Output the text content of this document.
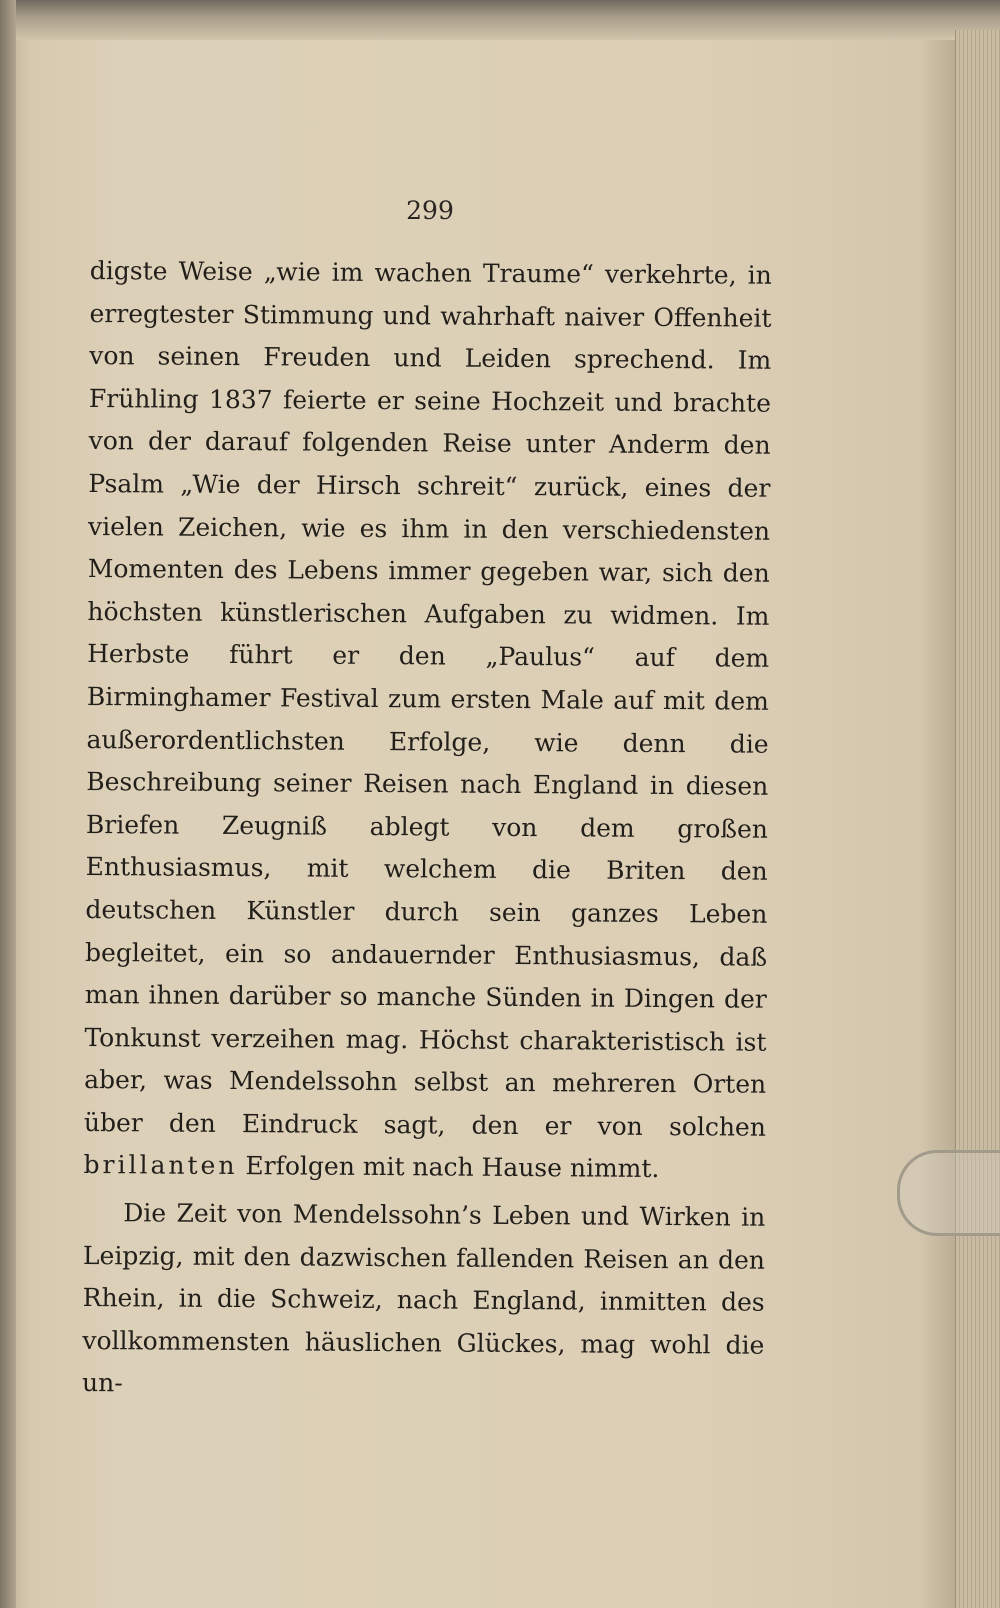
299

digste Weise „wie im wachen Traume“ verkehrte, in erregtester Stimmung und wahrhaft naiver Offenheit von seinen Freuden und Leiden sprechend. Im Frühling 1837 feierte er seine Hochzeit und brachte von der darauf folgenden Reise unter Anderm den Psalm „Wie der Hirsch schreit“ zurück, eines der vielen Zeichen, wie es ihm in den verschiedensten Momenten des Lebens immer gegeben war, sich den höchsten künstlerischen Aufgaben zu widmen. Im Herbste führt er den „Paulus“ auf dem Birminghamer Festival zum ersten Male auf mit dem außerordentlichsten Erfolge, wie denn die Beschreibung seiner Reisen nach England in diesen Briefen Zeugniß ablegt von dem großen Enthusiasmus, mit welchem die Briten den deutschen Künstler durch sein ganzes Leben begleitet, ein so andauernder Enthusiasmus, daß man ihnen darüber so manche Sünden in Dingen der Tonkunst verzeihen mag. Höchst charakteristisch ist aber, was Mendelssohn selbst an mehreren Orten über den Eindruck sagt, den er von solchen brillanten Erfolgen mit nach Hause nimmt.

Die Zeit von Mendelssohn’s Leben und Wirken in Leipzig, mit den dazwischen fallenden Reisen an den Rhein, in die Schweiz, nach England, inmitten des vollkommensten häuslichen Glückes, mag wohl die un-
